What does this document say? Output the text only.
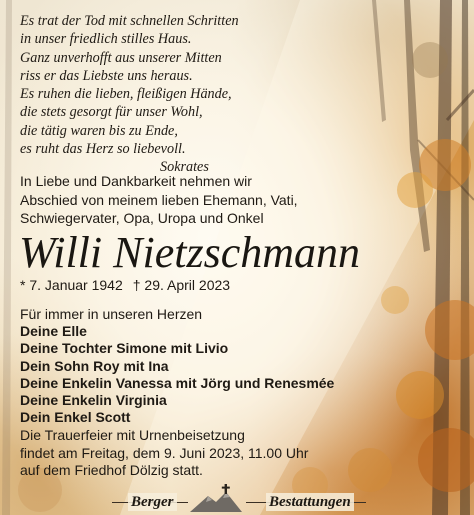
Es trat der Tod mit schnellen Schritten
in unser friedlich stilles Haus.
Ganz unverhofft aus unserer Mitten
riss er das Liebste uns heraus.
Es ruhen die lieben, fleißigen Hände,
die stets gesorgt für unser Wohl,
die tätig waren bis zu Ende,
es ruht das Herz so liebevoll.
Sokrates
In Liebe und Dankbarkeit nehmen wir
Abschied von meinem lieben Ehemann, Vati,
Schwiegervater, Opa, Uropa und Onkel
Willi Nietzschmann
* 7. Januar 1942 † 29. April 2023
Für immer in unseren Herzen
Deine Elle
Deine Tochter Simone mit Livio
Dein Sohn Roy mit Ina
Deine Enkelin Vanessa mit Jörg und Renesmée
Deine Enkelin Virginia
Dein Enkel Scott
Die Trauerfeier mit Urnenbeisetzung
findet am Freitag, dem 9. Juni 2023, 11.00 Uhr
auf dem Friedhof Dölzig statt.
Berger	Bestattungen
